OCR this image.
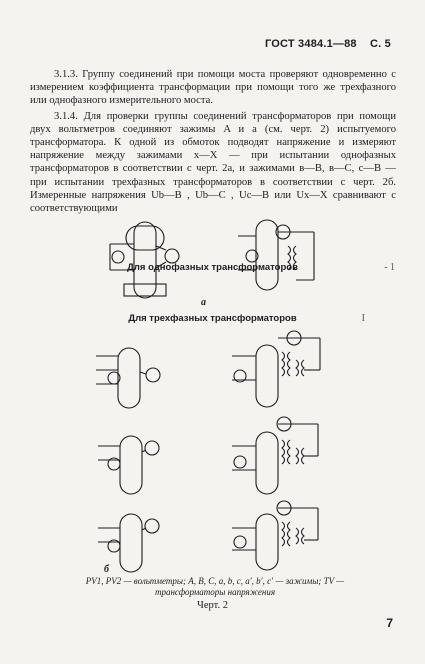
ГОСТ 3484.1—88 С. 5

3.1.3. Группу соединений при помощи моста проверяют одновременно с измерением коэффициента трансформации при помощи того же трехфазного или однофазного измерительного моста.

3.1.4. Для проверки группы соединений трансформаторов при помощи двух вольтметров соединяют зажимы A и a (см. черт. 2) испытуемого трансформатора. К одной из обмоток подводят напряжение и измеряют напряжение между зажимами x—X — при испытании однофазных трансформаторов в соответствии с черт. 2а, и зажимами в—B, в—C, с—B — при испытании трехфазных трансформаторов в соответствии с черт. 2б. Измеренные напряжения Ub—B , Ub—C , Uc—B или Ux—X сравнивают с соответствующими

Для однофазных трансформаторов	- 1
Для трехфазных трансформаторов	I
а
б
PV1, PV2 — вольтметры; A, B, C, a, b, c, a′, b′, c′ — зажимы; TV — трансформаторы напряжения
Черт. 2
7
